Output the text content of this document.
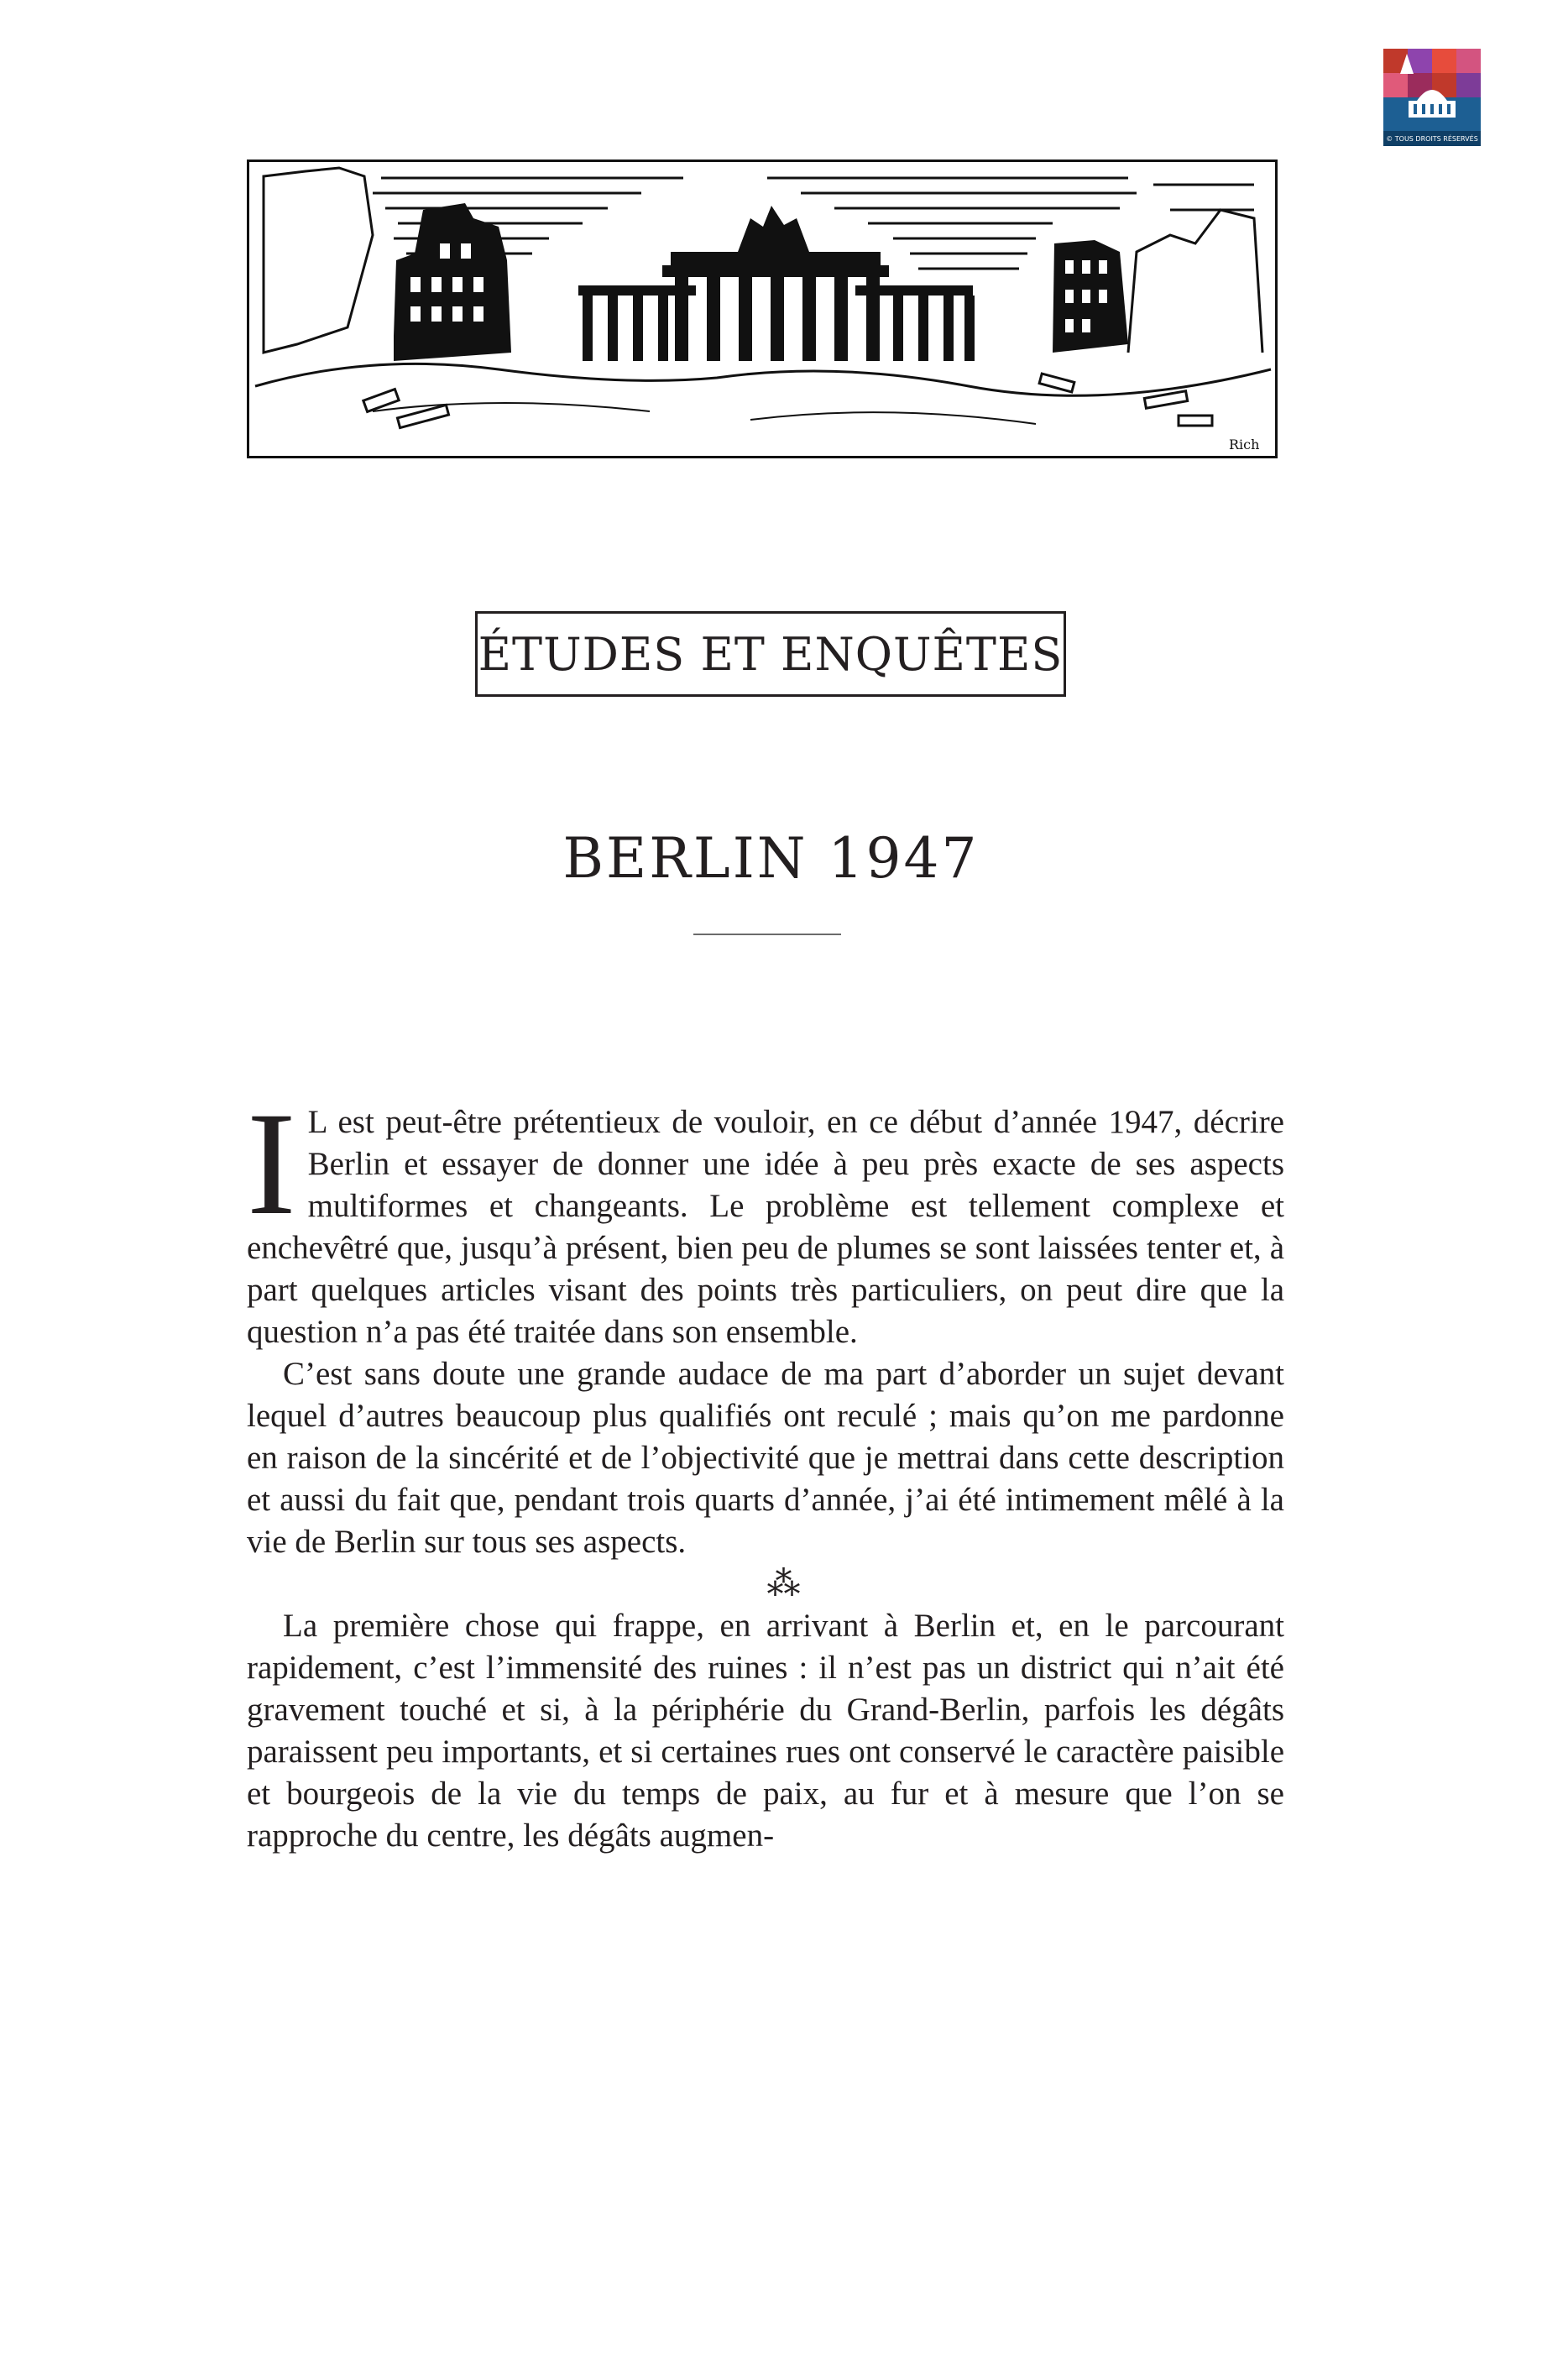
© TOUS DROITS RÉSERVÉS
Rich
ÉTUDES ET ENQUÊTES
BERLIN 1947

I L est peut-être prétentieux de vouloir, en ce début d’année 1947, décrire Berlin et essayer de donner une idée à peu près exacte de ses aspects multiformes et changeants. Le problème est tellement complexe et enchevêtré que, jusqu’à présent, bien peu de plumes se sont laissées tenter et, à part quelques articles visant des points très particuliers, on peut dire que la question n’a pas été traitée dans son ensemble.

C’est sans doute une grande audace de ma part d’aborder un sujet devant lequel d’autres beaucoup plus qualifiés ont reculé ; mais qu’on me pardonne en raison de la sincérité et de l’objectivité que je mettrai dans cette description et aussi du fait que, pendant trois quarts d’année, j’ai été intimement mêlé à la vie de Berlin sur tous ses aspects.

⁂

La première chose qui frappe, en arrivant à Berlin et, en le parcourant rapidement, c’est l’immensité des ruines : il n’est pas un district qui n’ait été gravement touché et si, à la périphérie du Grand-Berlin, parfois les dégâts paraissent peu importants, et si certaines rues ont conservé le caractère paisible et bourgeois de la vie du temps de paix, au fur et à mesure que l’on se rapproche du centre, les dégâts augmen-
